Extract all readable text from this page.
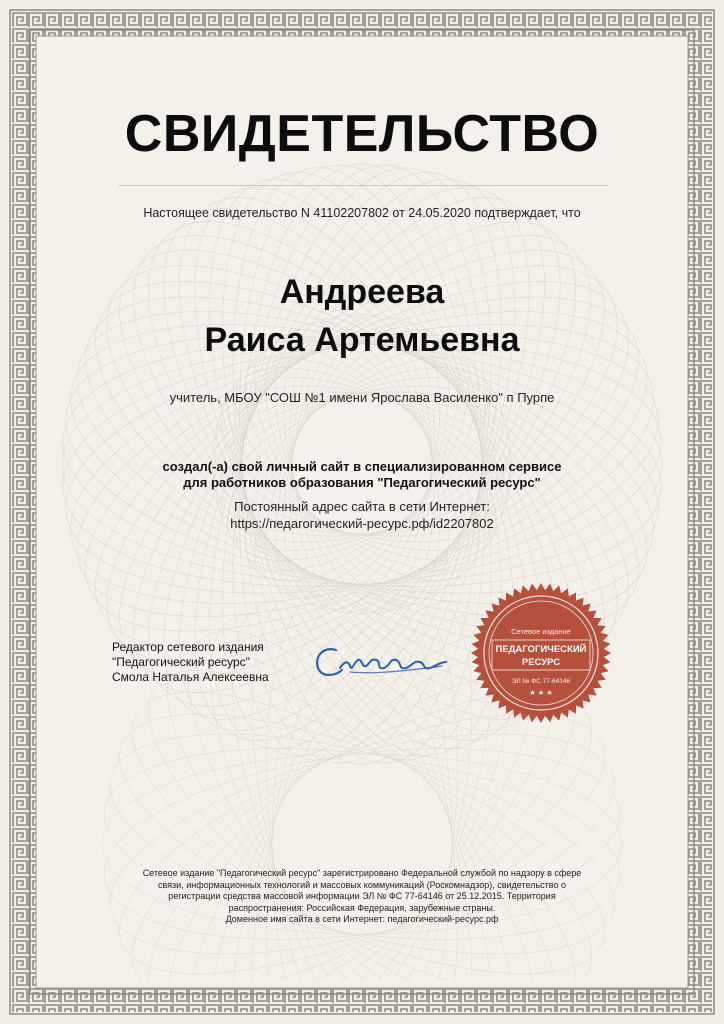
СВИДЕТЕЛЬСТВО
Настоящее свидетельство N 41102207802 от 24.05.2020 подтверждает, что
Андреева
Раиса Артемьевна
учитель, МБОУ "СОШ №1 имени Ярослава Василенко" п Пурпе
создал(-а) свой личный сайт в специализированном сервисе
для работников образования "Педагогический ресурс"
Постоянный адрес сайта в сети Интернет:
https://педагогический-ресурс.рф/id2207802
Редактор сетевого издания
"Педагогический ресурс"
Смола Наталья Алексеевна
Сетевое издание
ПЕДАГОГИЧЕСКИЙ
РЕСУРС
ЭЛ № ФС 77-64146
★ ★ ★
Сетевое издание "Педагогический ресурс" зарегистрировано Федеральной службой по надзору в сфере
связи, информационных технологий и массовых коммуникаций (Роскомнадзор), свидетельство о
регистрации средства массовой информации ЭЛ № ФС 77-64146 от 25.12.2015. Территория
распространения: Российская Федерация, зарубежные страны.
Доменное имя сайта в сети Интернет: педагогический-ресурс.рф
